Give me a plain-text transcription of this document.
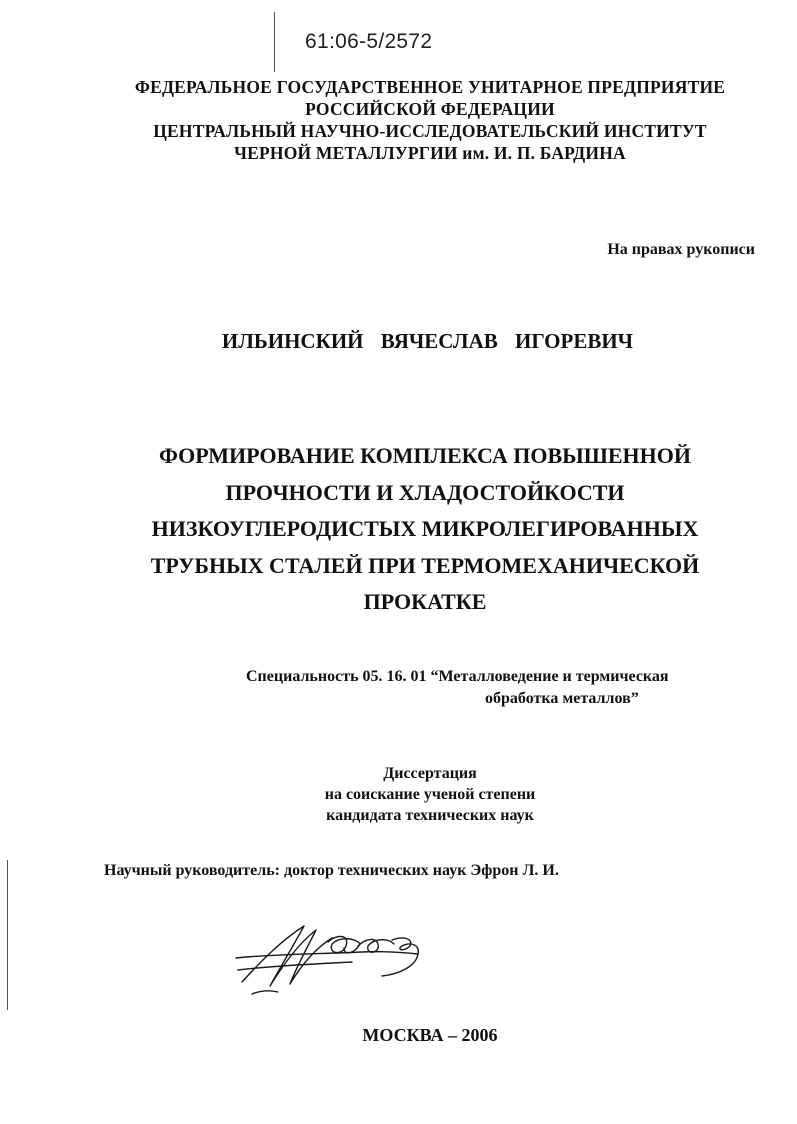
61:06-5/2572
ФЕДЕРАЛЬНОЕ ГОСУДАРСТВЕННОЕ УНИТАРНОЕ ПРЕДПРИЯТИЕ
РОССИЙСКОЙ ФЕДЕРАЦИИ
ЦЕНТРАЛЬНЫЙ НАУЧНО-ИССЛЕДОВАТЕЛЬСКИЙ ИНСТИТУТ
ЧЕРНОЙ МЕТАЛЛУРГИИ им. И. П. БАРДИНА
На правах рукописи
ИЛЬИНСКИЙ ВЯЧЕСЛАВ ИГОРЕВИЧ
ФОРМИРОВАНИЕ КОМПЛЕКСА ПОВЫШЕННОЙ
ПРОЧНОСТИ И ХЛАДОСТОЙКОСТИ
НИЗКОУГЛЕРОДИСТЫХ МИКРОЛЕГИРОВАННЫХ
ТРУБНЫХ СТАЛЕЙ ПРИ ТЕРМОМЕХАНИЧЕСКОЙ
ПРОКАТКЕ
Специальность 05. 16. 01 “Металловедение и термическая
обработка металлов”
Диссертация
на соискание ученой степени
кандидата технических наук
Научный руководитель: доктор технических наук Эфрон Л. И.
МОСКВА – 2006
